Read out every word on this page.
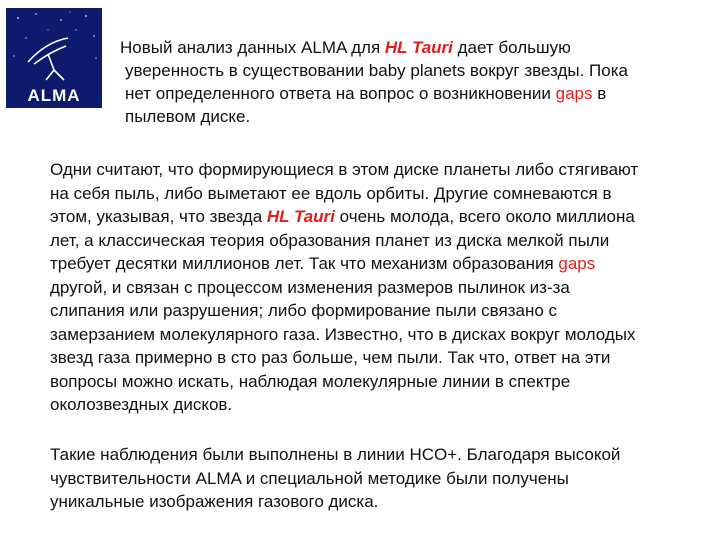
ALMA
Новый анализ данных ALMA для HL Tauri дает большую
уверенность в существовании baby planets вокруг звезды. Пока
нет определенного ответа на вопрос о возникновении gaps в
пылевом диске.
Одни считают, что формирующиеся в этом диске планеты либо стягивают
на себя пыль, либо выметают ее вдоль орбиты. Другие сомневаются в
этом, указывая, что звезда HL Tauri очень молода, всего около миллиона
лет, а классическая теория образования планет из диска мелкой пыли
требует десятки миллионов лет. Так что механизм образования gaps
другой, и связан с процессом изменения размеров пылинок из-за
слипания или разрушения; либо формирование пыли связано с
замерзанием молекулярного газа. Известно, что в дисках вокруг молодых
звезд газа примерно в сто раз больше, чем пыли. Так что, ответ на эти
вопросы можно искать, наблюдая молекулярные линии в спектре
околозвездных дисков.
Такие наблюдения были выполнены в линии HCO+. Благодаря высокой
чувствительности ALMA и специальной методике были получены
уникальные изображения газового диска.
